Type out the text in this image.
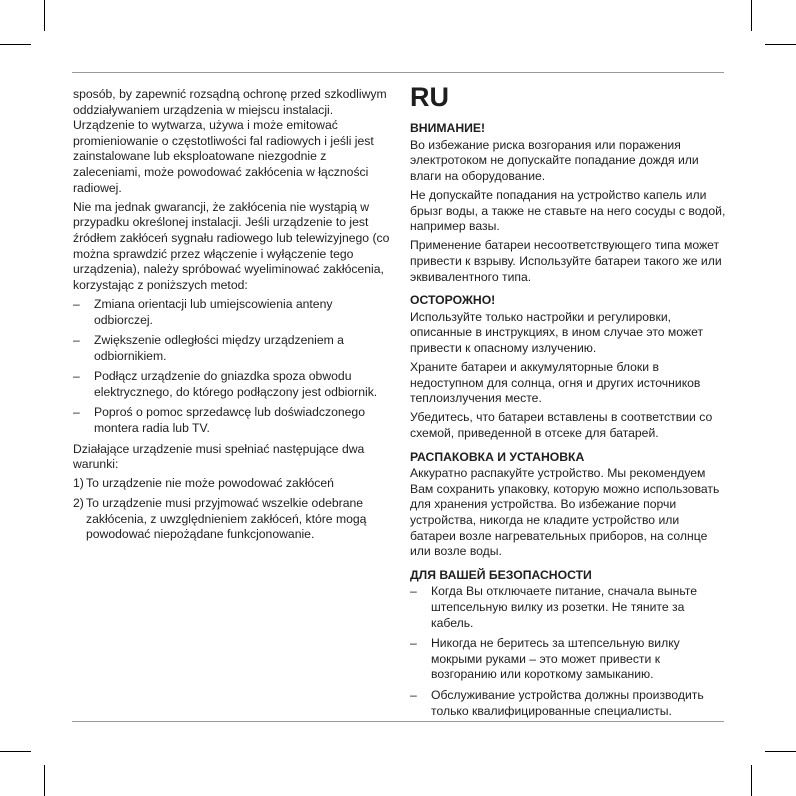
sposób, by zapewnić rozsądną ochronę przed szkodliwym oddziaływaniem urządzenia w miejscu instalacji. Urządzenie to wytwarza, używa i może emitować promieniowanie o częstotliwości fal radiowych i jeśli jest zainstalowane lub eksploatowane niezgodnie z zaleceniami, może powodować zakłócenia w łączności radiowej.

Nie ma jednak gwarancji, że zakłócenia nie wystąpią w przypadku określonej instalacji. Jeśli urządzenie to jest źródłem zakłóceń sygnału radiowego lub telewizyjnego (co można sprawdzić przez włączenie i wyłączenie tego urządzenia), należy spróbować wyeliminować zakłócenia, korzystając z poniższych metod:

– Zmiana orientacji lub umiejscowienia anteny odbiorczej.
– Zwiększenie odległości między urządzeniem a odbiornikiem.
– Podłącz urządzenie do gniazdka spoza obwodu elektrycznego, do którego podłączony jest odbiornik.
– Poproś o pomoc sprzedawcę lub doświadczonego montera radia lub TV.

Działające urządzenie musi spełniać następujące dwa warunki:

1) To urządzenie nie może powodować zakłóceń
2) To urządzenie musi przyjmować wszelkie odebrane zakłócenia, z uwzględnieniem zakłóceń, które mogą powodować niepożądane funkcjonowanie.
RU
ВНИМАНИЕ!

Во избежание риска возгорания или поражения электротоком не допускайте попадание дождя или влаги на оборудование.

Не допускайте попадания на устройство капель или брызг воды, а также не ставьте на него сосуды с водой, например вазы.

Применение батареи несоответствующего типа может привести к взрыву. Используйте батареи такого же или эквивалентного типа.

ОСТОРОЖНО!

Используйте только настройки и регулировки, описанные в инструкциях, в ином случае это может привести к опасному излучению.

Храните батареи и аккумуляторные блоки в недоступном для солнца, огня и других источников теплоизлучения месте.

Убедитесь, что батареи вставлены в соответствии со схемой, приведенной в отсеке для батарей.

РАСПАКОВКА И УСТАНОВКА

Аккуратно распакуйте устройство. Мы рекомендуем Вам сохранить упаковку, которую можно использовать для хранения устройства. Во избежание порчи устройства, никогда не кладите устройство или батареи возле нагревательных приборов, на солнце или возле воды.

ДЛЯ ВАШЕЙ БЕЗОПАСНОСТИ
– Когда Вы отключаете питание, сначала выньте штепсельную вилку из розетки. Не тяните за кабель.
– Никогда не беритесь за штепсельную вилку мокрыми руками – это может привести к возгоранию или короткому замыканию.
– Обслуживание устройства должны производить только квалифицированные специалисты.
